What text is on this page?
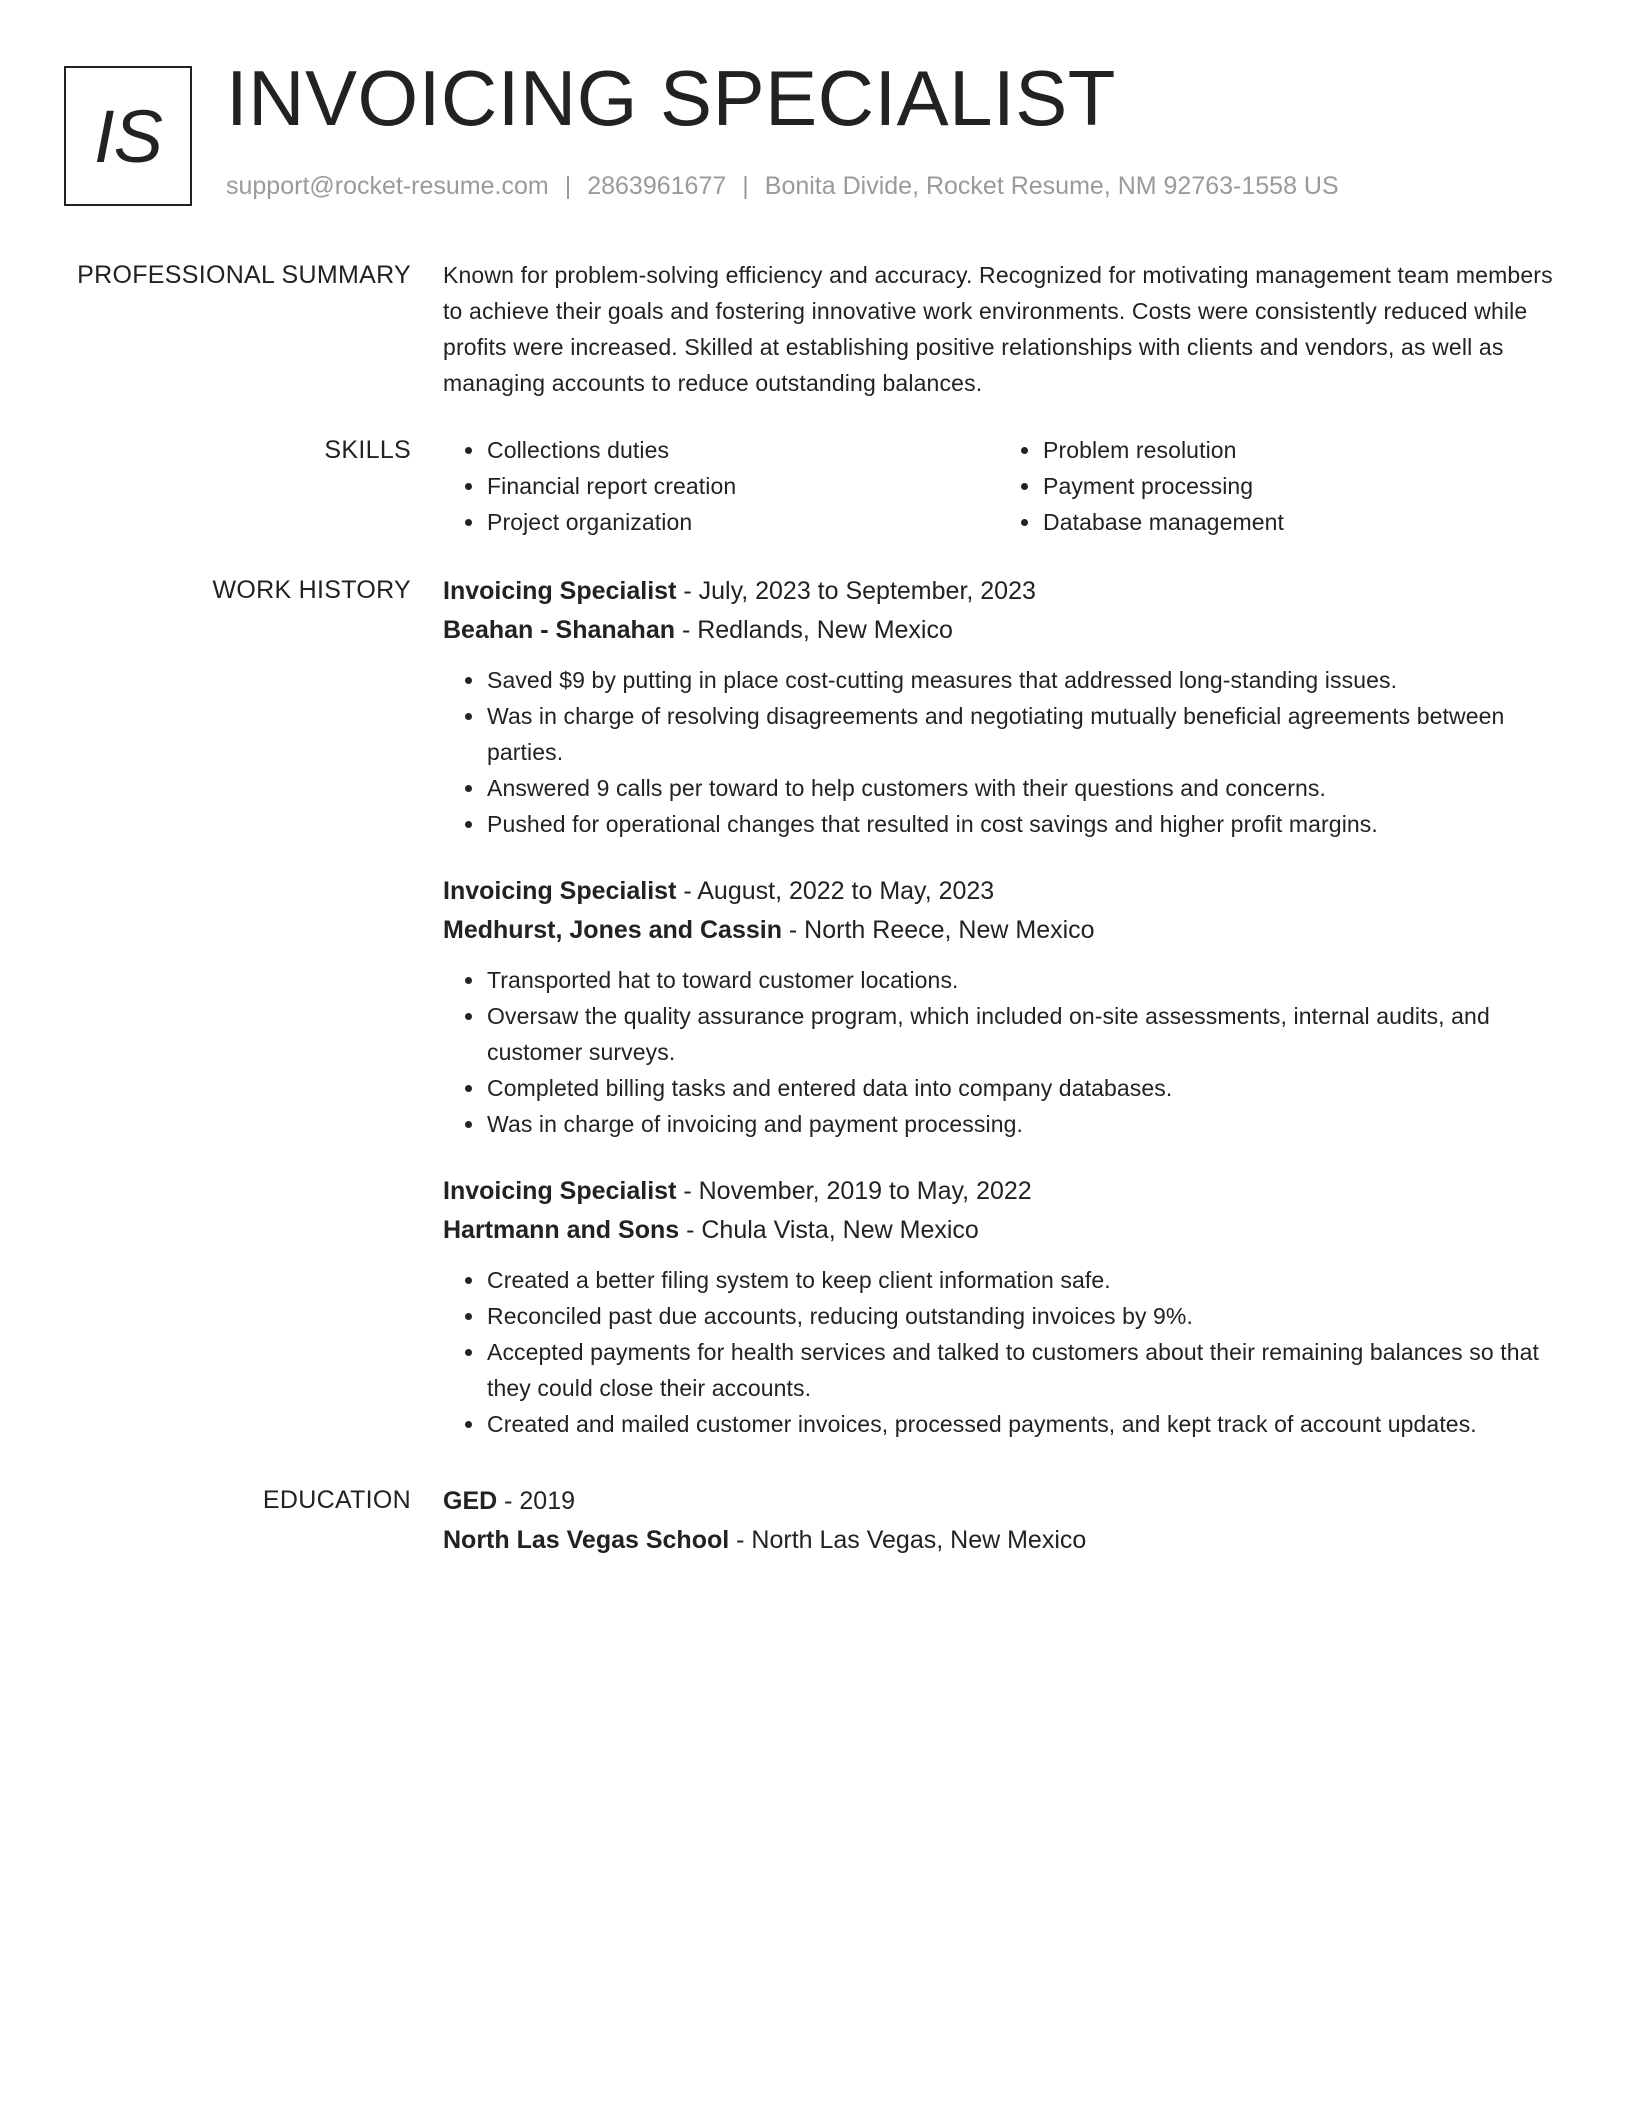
IS INVOICING SPECIALIST
support@rocket-resume.com | 2863961677 | Bonita Divide, Rocket Resume, NM 92763-1558 US
PROFESSIONAL SUMMARY Known for problem-solving efficiency and accuracy. Recognized for motivating management team members to achieve their goals and fostering innovative work environments. Costs were consistently reduced while profits were increased. Skilled at establishing positive relationships with clients and vendors, as well as managing accounts to reduce outstanding balances.

SKILLS
•	Collections duties
• Financial report creation
• Project organization
• Problem resolution
• Payment processing
• Database management
WORK HISTORY Invoicing Specialist - July, 2023 to September, 2023
Beahan - Shanahan - Redlands, New Mexico
• Saved $9 by putting in place cost-cutting measures that addressed long-standing issues.
• Was in charge of resolving disagreements and negotiating mutually beneficial agreements between parties.
• Answered 9 calls per toward to help customers with their questions and concerns.
• Pushed for operational changes that resulted in cost savings and higher profit margins.
Invoicing Specialist - August, 2022 to May, 2023
Medhurst, Jones and Cassin - North Reece, New Mexico
• Transported hat to toward customer locations.
• Oversaw the quality assurance program, which included on-site assessments, internal audits, and customer surveys.
• Completed billing tasks and entered data into company databases.
• Was in charge of invoicing and payment processing.
Invoicing Specialist - November, 2019 to May, 2022
Hartmann and Sons - Chula Vista, New Mexico
• Created a better filing system to keep client information safe.
• Reconciled past due accounts, reducing outstanding invoices by 9%.
• Accepted payments for health services and talked to customers about their remaining balances so that they could close their accounts.
• Created and mailed customer invoices, processed payments, and kept track of account updates.
EDUCATION GED - 2019
North Las Vegas School - North Las Vegas, New Mexico
